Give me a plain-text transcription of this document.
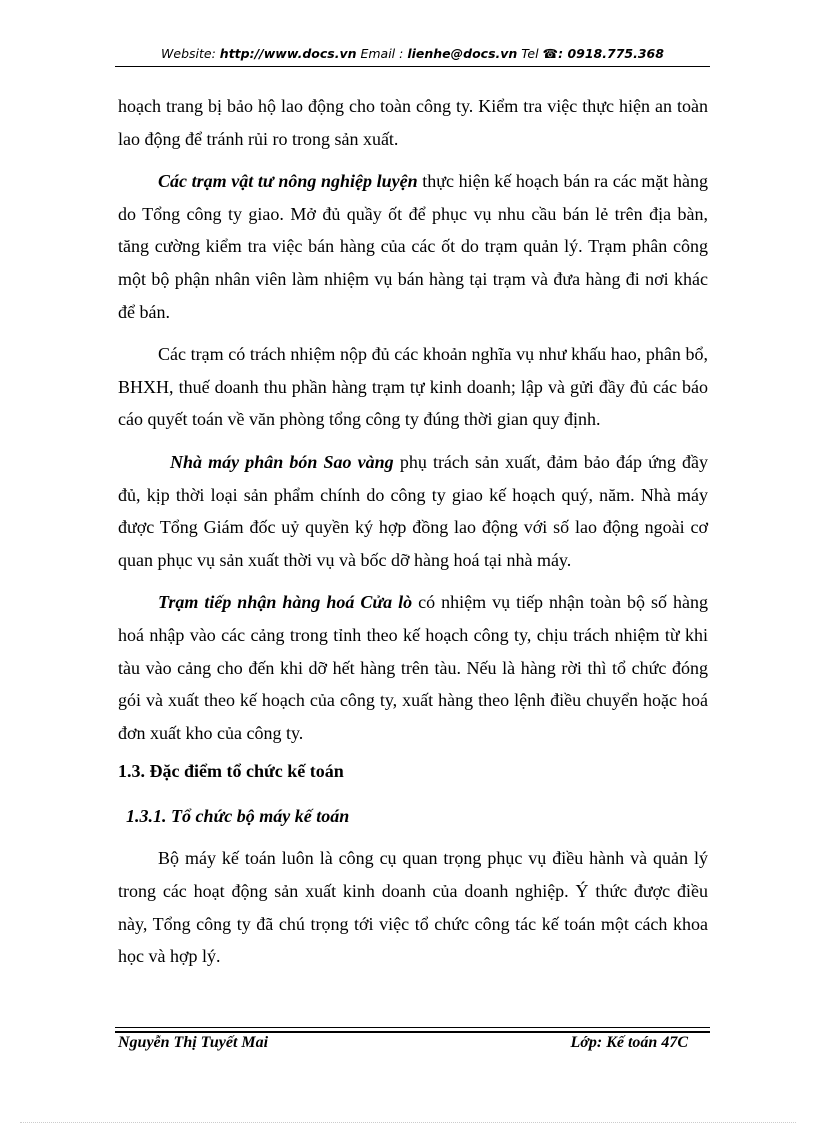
Website: http://www.docs.vn Email : lienhe@docs.vn Tel ☎: 0918.775.368

hoạch trang bị bảo hộ lao động cho toàn công ty. Kiểm tra việc thực hiện an toàn lao động để tránh rủi ro trong sản xuất.

Các trạm vật tư nông nghiệp luyện thực hiện kế hoạch bán ra các mặt hàng do Tổng công ty giao. Mở đủ quầy ốt để phục vụ nhu cầu bán lẻ trên địa bàn, tăng cường kiểm tra việc bán hàng của các ốt do trạm quản lý. Trạm phân công một bộ phận nhân viên làm nhiệm vụ bán hàng tại trạm và đưa hàng đi nơi khác để bán.

Các trạm có trách nhiệm nộp đủ các khoản nghĩa vụ như khấu hao, phân bổ, BHXH, thuế doanh thu phần hàng trạm tự kinh doanh; lập và gửi đầy đủ các báo cáo quyết toán về văn phòng tổng công ty đúng thời gian quy định.

Nhà máy phân bón Sao vàng phụ trách sản xuất, đảm bảo đáp ứng đầy đủ, kịp thời loại sản phẩm chính do công ty giao kế hoạch quý, năm. Nhà máy được Tổng Giám đốc uỷ quyền ký hợp đồng lao động với số lao động ngoài cơ quan phục vụ sản xuất thời vụ và bốc dỡ hàng hoá tại nhà máy.

Trạm tiếp nhận hàng hoá Cửa lò có nhiệm vụ tiếp nhận toàn bộ số hàng hoá nhập vào các cảng trong tỉnh theo kế hoạch công ty, chịu trách nhiệm từ khi tàu vào cảng cho đến khi dỡ hết hàng trên tàu. Nếu là hàng rời thì tổ chức đóng gói và xuất theo kế hoạch của công ty, xuất hàng theo lệnh điều chuyển hoặc hoá đơn xuất kho của công ty.

1.3. Đặc điểm tổ chức kế toán

1.3.1. Tổ chức bộ máy kế toán

Bộ máy kế toán luôn là công cụ quan trọng phục vụ điều hành và quản lý trong các hoạt động sản xuất kinh doanh của doanh nghiệp. Ý thức được điều này, Tổng công ty đã chú trọng tới việc tổ chức công tác kế toán một cách khoa học và hợp lý.

Nguyễn Thị Tuyết Mai	Lớp: Kế toán 47C
